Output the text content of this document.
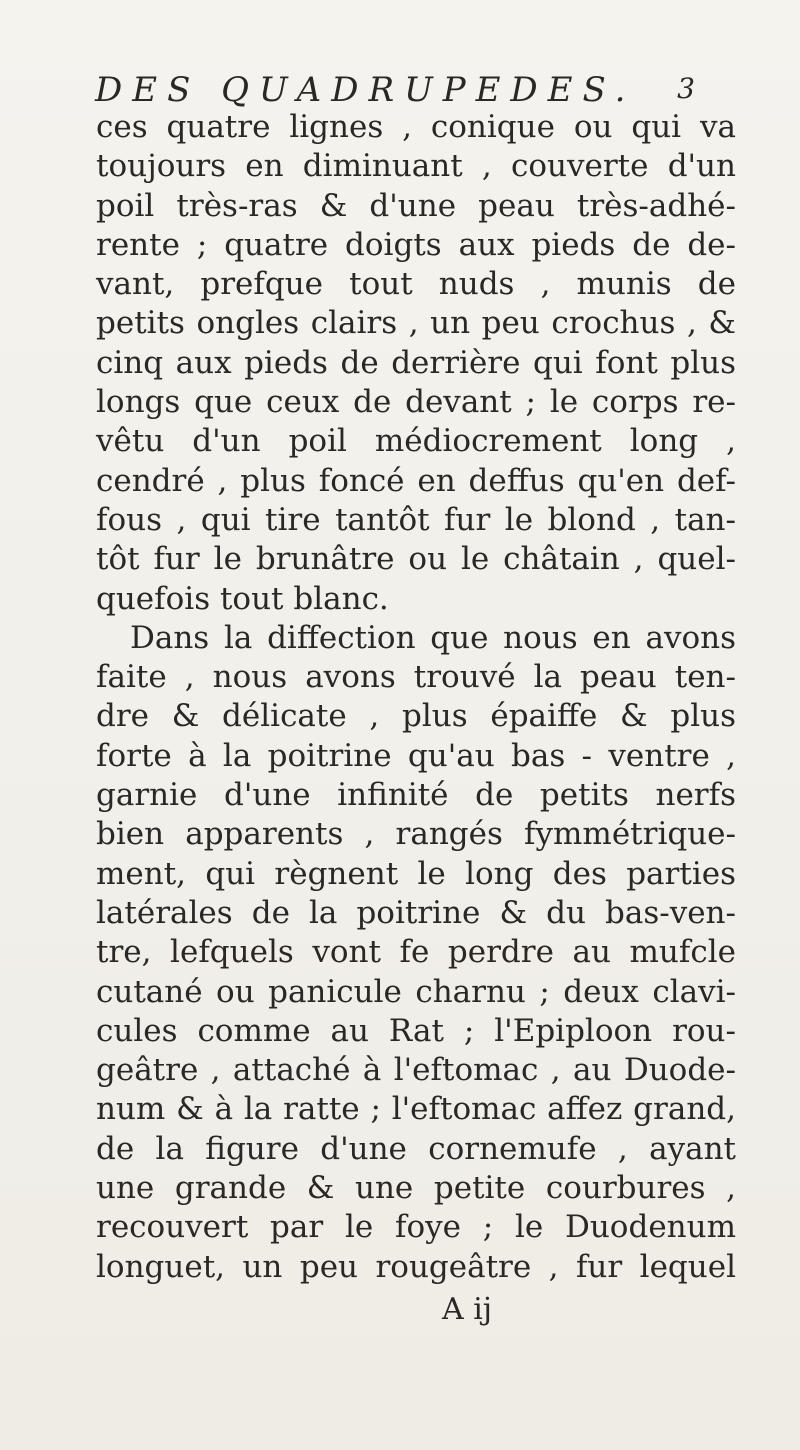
DES QUADRUPEDES. 3
ces quatre lignes , conique ou qui va
toujours en diminuant , couverte d'un
poil très-ras & d'une peau très-adhé-
rente ; quatre doigts aux pieds de de-
vant, prefque tout nuds , munis de
petits ongles clairs , un peu crochus , &
cinq aux pieds de derrière qui font plus
longs que ceux de devant ; le corps re-
vêtu d'un poil médiocrement long ,
cendré , plus foncé en deffus qu'en def-
fous , qui tire tantôt fur le blond , tan-
tôt fur le brunâtre ou le châtain , quel-
quefois tout blanc.
Dans la diffection que nous en avons
faite , nous avons trouvé la peau ten-
dre & délicate , plus épaiffe & plus
forte à la poitrine qu'au bas - ventre ,
garnie d'une infinité de petits nerfs
bien apparents , rangés fymmétrique-
ment, qui règnent le long des parties
latérales de la poitrine & du bas-ven-
tre, lefquels vont fe perdre au mufcle
cutané ou panicule charnu ; deux clavi-
cules comme au Rat ; l'Epiploon rou-
geâtre , attaché à l'eftomac , au Duode-
num & à la ratte ; l'eftomac affez grand,
de la figure d'une cornemufe , ayant
une grande & une petite courbures ,
recouvert par le foye ; le Duodenum
longuet, un peu rougeâtre , fur lequel
A ij
